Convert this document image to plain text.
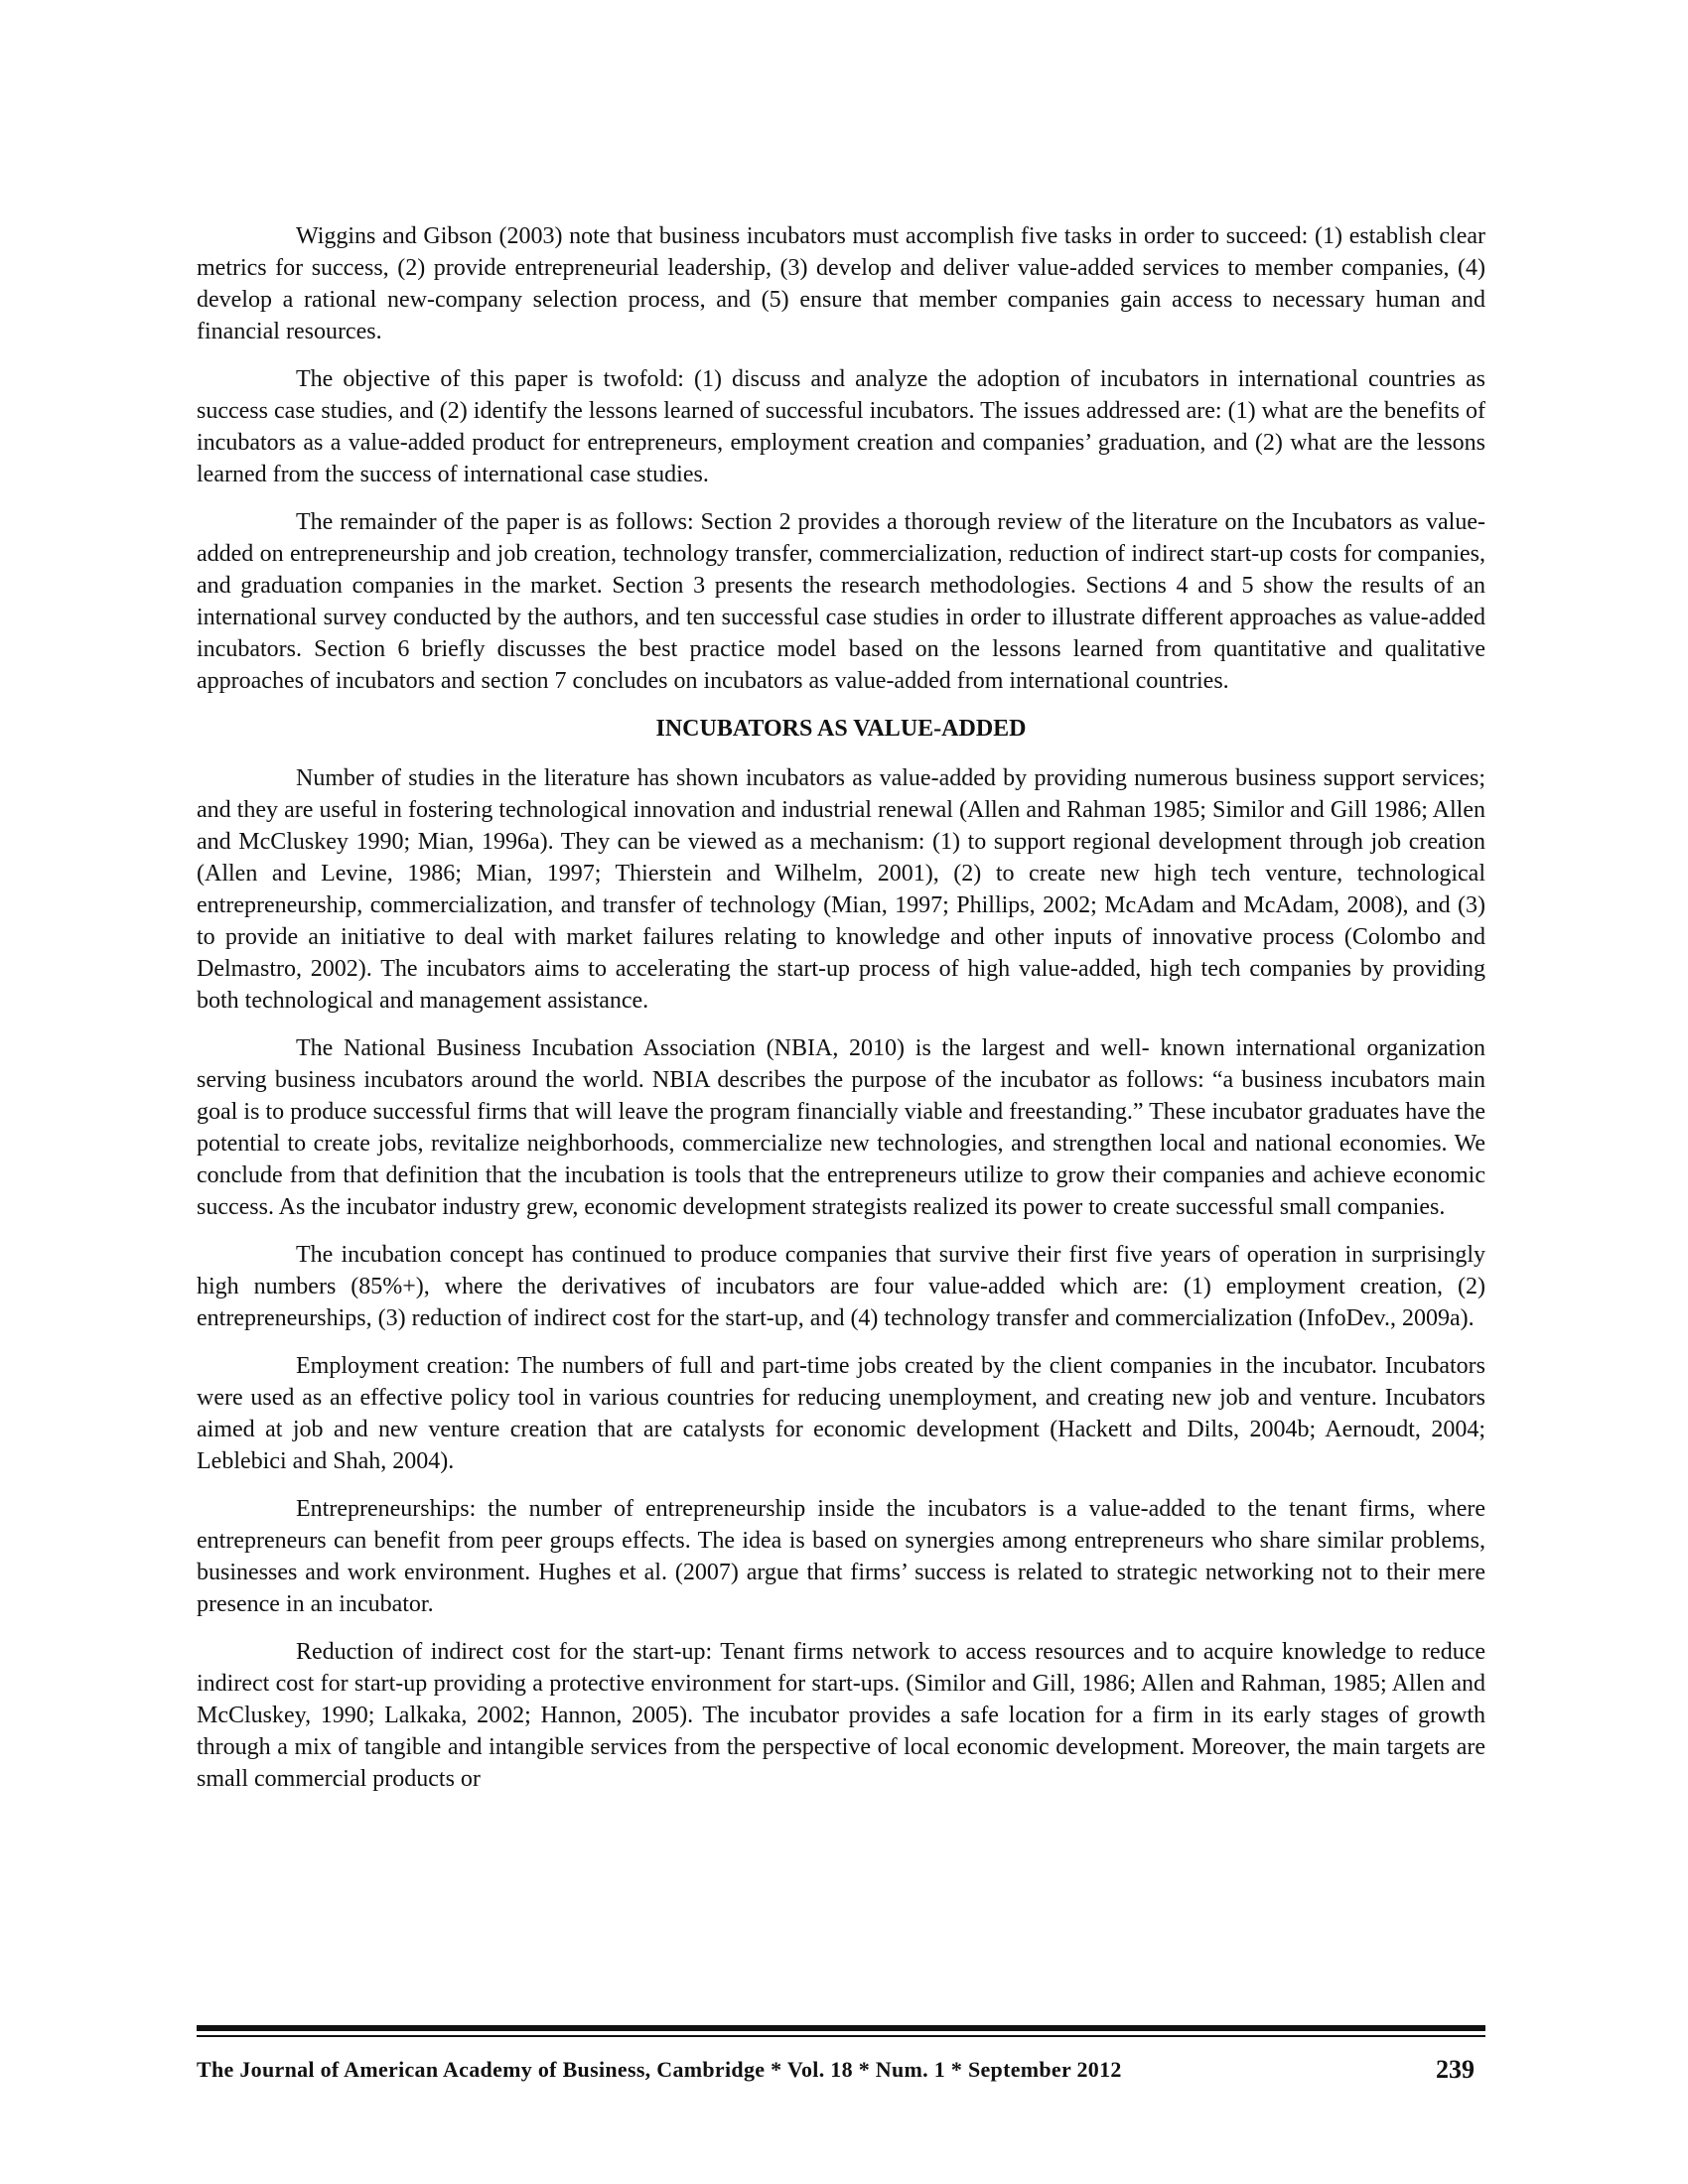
Wiggins and Gibson (2003) note that business incubators must accomplish five tasks in order to succeed: (1) establish clear metrics for success, (2) provide entrepreneurial leadership, (3) develop and deliver value-added services to member companies, (4) develop a rational new-company selection process, and (5) ensure that member companies gain access to necessary human and financial resources.

The objective of this paper is twofold: (1) discuss and analyze the adoption of incubators in international countries as success case studies, and (2) identify the lessons learned of successful incubators. The issues addressed are: (1) what are the benefits of incubators as a value-added product for entrepreneurs, employment creation and companies’ graduation, and (2) what are the lessons learned from the success of international case studies.

The remainder of the paper is as follows: Section 2 provides a thorough review of the literature on the Incubators as value-added on entrepreneurship and job creation, technology transfer, commercialization, reduction of indirect start-up costs for companies, and graduation companies in the market. Section 3 presents the research methodologies. Sections 4 and 5 show the results of an international survey conducted by the authors, and ten successful case studies in order to illustrate different approaches as value-added incubators. Section 6 briefly discusses the best practice model based on the lessons learned from quantitative and qualitative approaches of incubators and section 7 concludes on incubators as value-added from international countries.

INCUBATORS AS VALUE-ADDED

Number of studies in the literature has shown incubators as value-added by providing numerous business support services; and they are useful in fostering technological innovation and industrial renewal (Allen and Rahman 1985; Similor and Gill 1986; Allen and McCluskey 1990; Mian, 1996a). They can be viewed as a mechanism: (1) to support regional development through job creation (Allen and Levine, 1986; Mian, 1997; Thierstein and Wilhelm, 2001), (2) to create new high tech venture, technological entrepreneurship, commercialization, and transfer of technology (Mian, 1997; Phillips, 2002; McAdam and McAdam, 2008), and (3) to provide an initiative to deal with market failures relating to knowledge and other inputs of innovative process (Colombo and Delmastro, 2002). The incubators aims to accelerating the start-up process of high value-added, high tech companies by providing both technological and management assistance.

The National Business Incubation Association (NBIA, 2010) is the largest and well- known international organization serving business incubators around the world. NBIA describes the purpose of the incubator as follows: “a business incubators main goal is to produce successful firms that will leave the program financially viable and freestanding.” These incubator graduates have the potential to create jobs, revitalize neighborhoods, commercialize new technologies, and strengthen local and national economies. We conclude from that definition that the incubation is tools that the entrepreneurs utilize to grow their companies and achieve economic success. As the incubator industry grew, economic development strategists realized its power to create successful small companies.

The incubation concept has continued to produce companies that survive their first five years of operation in surprisingly high numbers (85%+), where the derivatives of incubators are four value-added which are: (1) employment creation, (2) entrepreneurships, (3) reduction of indirect cost for the start-up, and (4) technology transfer and commercialization (InfoDev., 2009a).

Employment creation: The numbers of full and part-time jobs created by the client companies in the incubator. Incubators were used as an effective policy tool in various countries for reducing unemployment, and creating new job and venture. Incubators aimed at job and new venture creation that are catalysts for economic development (Hackett and Dilts, 2004b; Aernoudt, 2004; Leblebici and Shah, 2004).

Entrepreneurships: the number of entrepreneurship inside the incubators is a value-added to the tenant firms, where entrepreneurs can benefit from peer groups effects. The idea is based on synergies among entrepreneurs who share similar problems, businesses and work environment. Hughes et al. (2007) argue that firms’ success is related to strategic networking not to their mere presence in an incubator.

Reduction of indirect cost for the start-up: Tenant firms network to access resources and to acquire knowledge to reduce indirect cost for start-up providing a protective environment for start-ups. (Similor and Gill, 1986; Allen and Rahman, 1985; Allen and McCluskey, 1990; Lalkaka, 2002; Hannon, 2005). The incubator provides a safe location for a firm in its early stages of growth through a mix of tangible and intangible services from the perspective of local economic development. Moreover, the main targets are small commercial products or

The Journal of American Academy of Business, Cambridge * Vol. 18 * Num. 1 * September 2012	239
